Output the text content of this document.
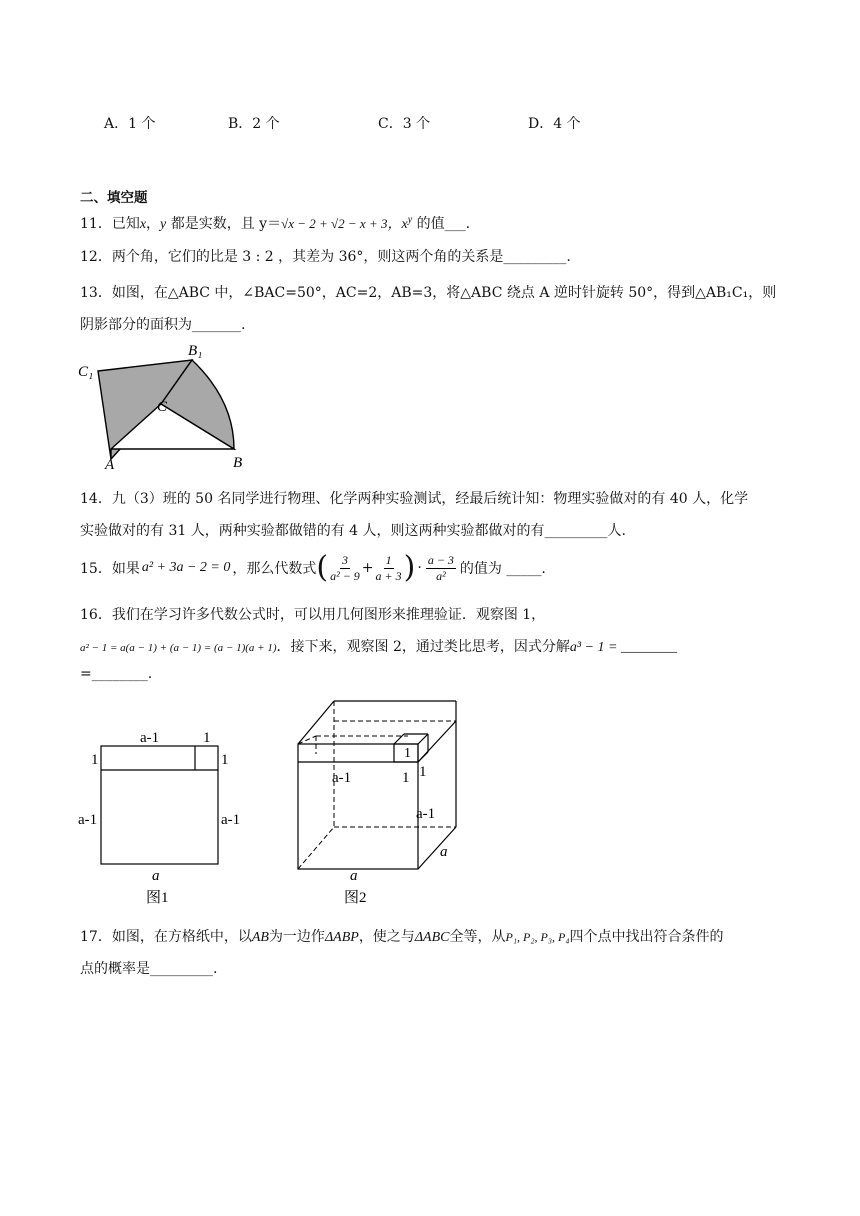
A．1 个	B．2 个	C．3 个	D．4 个
二、填空题
11．已知x，y 都是实数，且 y＝√x − 2 + √2 − x + 3，$x^y$ 的值___.
12．两个角，它们的比是 3 : 2 ，其差为 36°，则这两个角的关系是_________.
13．如图，在△ABC 中，∠BAC=50°，AC=2，AB=3，将△ABC 绕点 A 逆时针旋转 50°，得到△AB₁C₁，则
阴影部分的面积为_______.
C₁
B₁
C
A	B
14．九（3）班的 50 名同学进行物理、化学两种实验测试，经最后统计知：物理实验做对的有 40 人，化学
实验做对的有 31 人，两种实验都做错的有 4 人，则这两种实验都做对的有_________人.
15．如果 a² + 3a − 2 = 0 ，那么代数式 ( 3
$a^2 - 9 + \frac{1}{a + 3}$ ) ·
a − 3
a² 的值为 _____.
16．我们在学习许多代数公式时，可以用几何图形来推理验证．观察图 1，
a² − 1 = a(a − 1) + (a − 1) = (a − 1)(a + 1)．接下来，观察图 2，通过类比思考，因式分解a³ − 1 = ________
=________.
a-1	1
1	1
a-1	a-1
a
图1
1
a-1	1 1
a-1
a
a
图2
17．如图，在方格纸中，以AB为一边作ΔABP，使之与ΔABC全等，从P₁, P₂, P₃, P₄四个点中找出符合条件的
点的概率是_________.
